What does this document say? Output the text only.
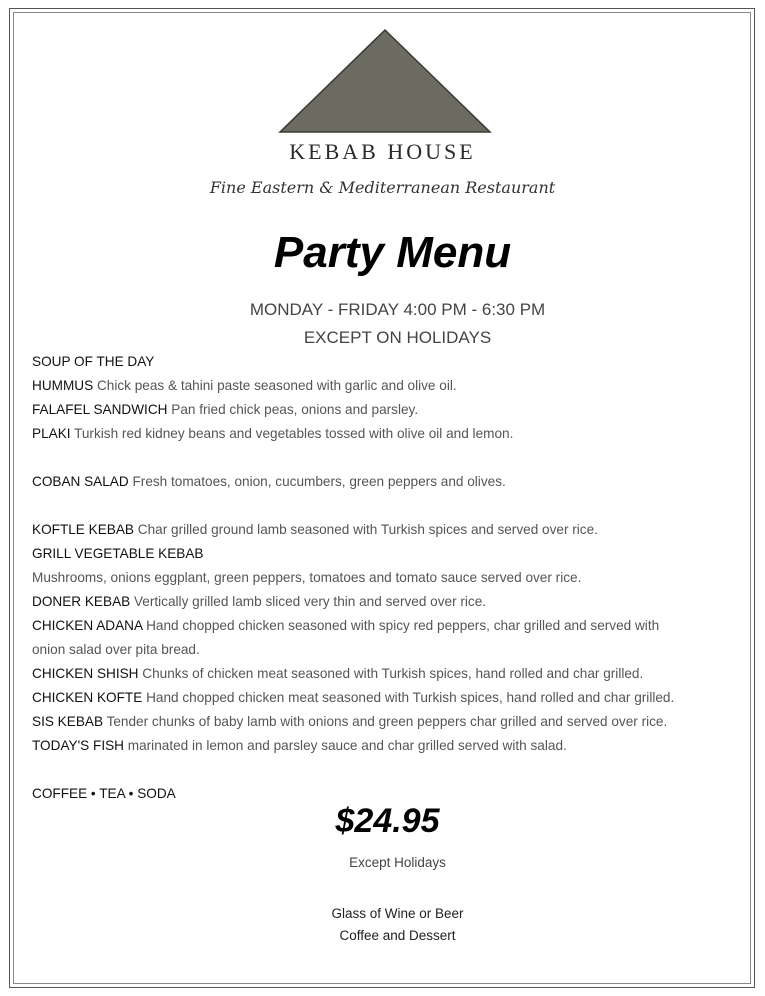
KEBAB HOUSE
Fine Eastern & Mediterranean Restaurant
Party Menu
MONDAY - FRIDAY 4:00 PM - 6:30 PM
EXCEPT ON HOLIDAYS
SOUP OF THE DAY
HUMMUS Chick peas & tahini paste seasoned with garlic and olive oil.
FALAFEL SANDWICH Pan fried chick peas, onions and parsley.
PLAKI Turkish red kidney beans and vegetables tossed with olive oil and lemon.
COBAN SALAD Fresh tomatoes, onion, cucumbers, green peppers and olives.
KOFTLE KEBAB Char grilled ground lamb seasoned with Turkish spices and served over rice.
GRILL VEGETABLE KEBAB
Mushrooms, onions eggplant, green peppers, tomatoes and tomato sauce served over rice.
DONER KEBAB Vertically grilled lamb sliced very thin and served over rice.
CHICKEN ADANA Hand chopped chicken seasoned with spicy red peppers, char grilled and served with
onion salad over pita bread.
CHICKEN SHISH Chunks of chicken meat seasoned with Turkish spices, hand rolled and char grilled.
CHICKEN KOFTE Hand chopped chicken meat seasoned with Turkish spices, hand rolled and char grilled.
SIS KEBAB Tender chunks of baby lamb with onions and green peppers char grilled and served over rice.
TODAY'S FISH marinated in lemon and parsley sauce and char grilled served with salad.
COFFEE • TEA • SODA
$24.95
Except Holidays
Glass of Wine or Beer
Coffee and Dessert
